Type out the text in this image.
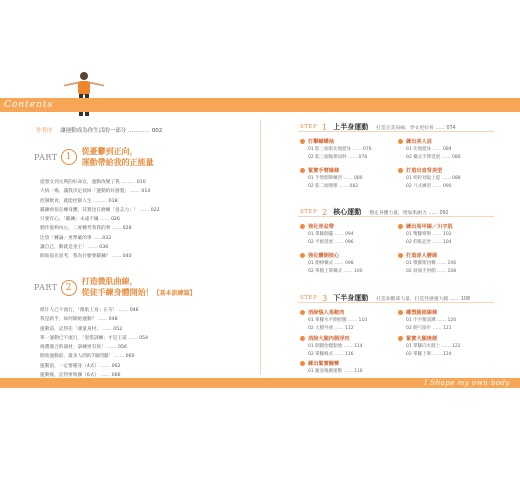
Contents
作者序 讓運動成為你生活的一部分 ………… 002
PART 1
從憂鬱到正向，
運動帶給我的正能量
從想女到元利的好命女，運動改變了我 ……… 010
大病一場，讓我決定找回「運動的好感覺」 …… 014
控制飲食，就能控制人生 ……… 018
鍛鍊看似在練身體，其實也在磨練「意志力」！ …… 022
只要有心，「鍛鍊」永遠不嫌 …… 026
動作從夠內心，二度轉考我我的事 …… 028
比管「賽論」更準確的事 ……032
讓自己，動就是金王！ …… 036
開始前先思考，我為什麼要鍛鍊？ …… 040
PART 2
打造微肌曲線，
從徒手練身體開始！【基本訓練篇】
紙片人已不流行，「微肌上身」正夯！ …… 046
我是新手，如何開始運動？ …… 048
運動前，記得先「測量身材」 …… 052
單一運動已不流行，「混搭訓練」才是王道 …… 054
挑選適合的器材，訓練更有效！ …… 056
開始運動前，最多人問的7個問題！ …… 060
運動前，一定要暖身（4式） …… 062
運動後，記得要收操（6式） …… 066
STEP 1 上半身運動 打造完美肩線，穿衣更好看 …… 074
打擊蝴蝶袖
01 肱三頭肌伏地挺身 …… 076
02 肱三頭後舉屈肘 …… 078
練出美人肩
01 伏地挺身 …… 084
02 橫式手臂延展 …… 086
緊實手臂線條
01 手臂側舉練習 …… 080
02 肱二頭彎舉 …… 082
打造出直背美型
01 啞鈴划船上提 …… 088
02 弓式練習 …… 090
STEP 2 核心運動 穩定身體力量，增加肌耐力 …… 092
強化骨盆帶
01 單腳側擺 …… 094
02 平板延展 …… 096
練出馬甲線／川字肌
01 雙腳彎舉 …… 102
02 仰臥起坐 …… 104
強化體側核心
01 側棒橫式 …… 098
02 單腿上舉橫式 …… 100
打造迷人腰線
01 俄羅斯扭轉 …… 106
02 斜坡手肘側 …… 108
STEP 3 下半身運動 打造加腿部力量，打造性感蜜大腿 …… 108
消除惱人馬鞍肉
01 單腳水平側抬腿 …… 110
02 大腿外展 …… 112
雕塑腿部線條
01 不平衡深蹲 …… 120
02 側弓箭步 …… 121
消除大腿內側浮肉
01 側腿抬腿點地 …… 114
02 單腳蜂式 …… 116
緊實大腿後側
01 單腳向水踏上 …… 122
02 單腳上舉 …… 124
練出緊實翹臀
01 跪姿後踢運動 …… 116
I Shape my own body
